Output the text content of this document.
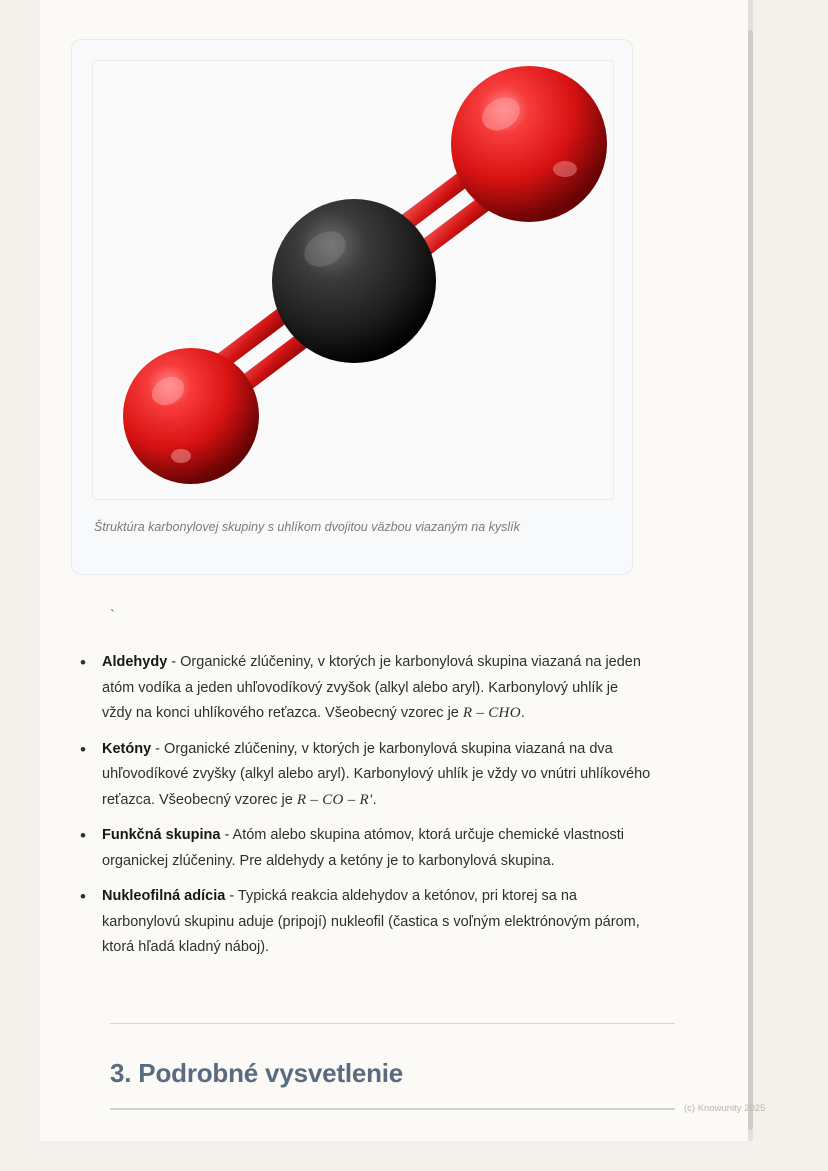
Štruktúra karbonylovej skupiny s uhlíkom dvojitou väzbou viazaným na kyslík
`
• Aldehydy - Organické zlúčeniny, v ktorých je karbonylová skupina viazaná na jeden atóm vodíka a jeden uhľovodíkový zvyšok (alkyl alebo aryl). Karbonylový uhlík je vždy na konci uhlíkového reťazca. Všeobecný vzorec je R – CHO.
• Ketóny - Organické zlúčeniny, v ktorých je karbonylová skupina viazaná na dva uhľovodíkové zvyšky (alkyl alebo aryl). Karbonylový uhlík je vždy vo vnútri uhlíkového reťazca. Všeobecný vzorec je R – CO – R′.
• Funkčná skupina - Atóm alebo skupina atómov, ktorá určuje chemické vlastnosti organickej zlúčeniny. Pre aldehydy a ketóny je to karbonylová skupina.
• Nukleofilná adícia - Typická reakcia aldehydov a ketónov, pri ktorej sa na karbonylovú skupinu aduje (pripojí) nukleofil (častica s voľným elektrónovým párom, ktorá hľadá kladný náboj).
3. Podrobné vysvetlenie
(c) Knowunity 2025
